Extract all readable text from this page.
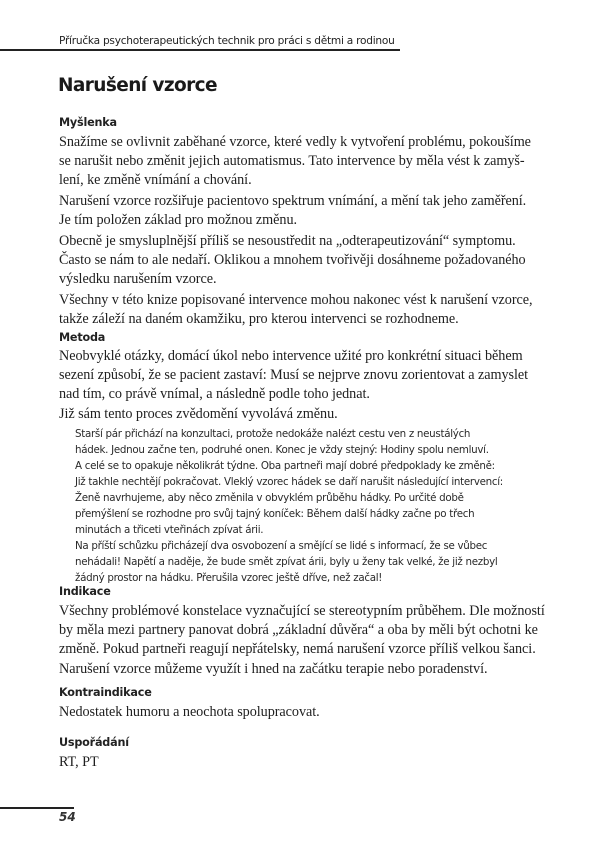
Příručka psychoterapeutických technik pro práci s dětmi a rodinou
Narušení vzorce
Myšlenka
Snažíme se ovlivnit zaběhané vzorce, které vedly k vytvoření problému, pokoušíme
se narušit nebo změnit jejich automatismus. Tato intervence by měla vést k zamyš-
lení, ke změně vnímání a chování.
Narušení vzorce rozšiřuje pacientovo spektrum vnímání, a mění tak jeho zaměření.
Je tím položen základ pro možnou změnu.
Obecně je smysluplnější příliš se nesoustředit na „odterapeutizování“ symptomu.
Často se nám to ale nedaří. Oklikou a mnohem tvořivěji dosáhneme požadovaného
výsledku narušením vzorce.
Všechny v této knize popisované intervence mohou nakonec vést k narušení vzorce,
takže záleží na daném okamžiku, pro kterou intervenci se rozhodneme.
Metoda
Neobvyklé otázky, domácí úkol nebo intervence užité pro konkrétní situaci během
sezení způsobí, že se pacient zastaví: Musí se nejprve znovu zorientovat a zamyslet
nad tím, co právě vnímal, a následně podle toho jednat.
Již sám tento proces zvědomění vyvolává změnu.
Starší pár přichází na konzultaci, protože nedokáže nalézt cestu ven z neustálých
hádek. Jednou začne ten, podruhé onen. Konec je vždy stejný: Hodiny spolu nemluví.
A celé se to opakuje několikrát týdne. Oba partneři mají dobré předpoklady ke změně:
Již takhle nechtějí pokračovat. Vleklý vzorec hádek se daří narušit následující intervencí:
Ženě navrhujeme, aby něco změnila v obvyklém průběhu hádky. Po určité době
přemýšlení se rozhodne pro svůj tajný koníček: Během další hádky začne po třech
minutách a třiceti vteřinách zpívat árii.
Na příští schůzku přicházejí dva osvobození a smějící se lidé s informací, že se vůbec
nehádali! Napětí a naděje, že bude smět zpívat árii, byly u ženy tak velké, že již nezbyl
žádný prostor na hádku. Přerušila vzorec ještě dříve, než začal!
Indikace
Všechny problémové konstelace vyznačující se stereotypním průběhem. Dle možností
by měla mezi partnery panovat dobrá „základní důvěra“ a oba by měli být ochotni ke
změně. Pokud partneři reagují nepřátelsky, nemá narušení vzorce příliš velkou šanci.
Narušení vzorce můžeme využít i hned na začátku terapie nebo poradenství.
Kontraindikace
Nedostatek humoru a neochota spolupracovat.
Uspořádání
RT, PT
54
